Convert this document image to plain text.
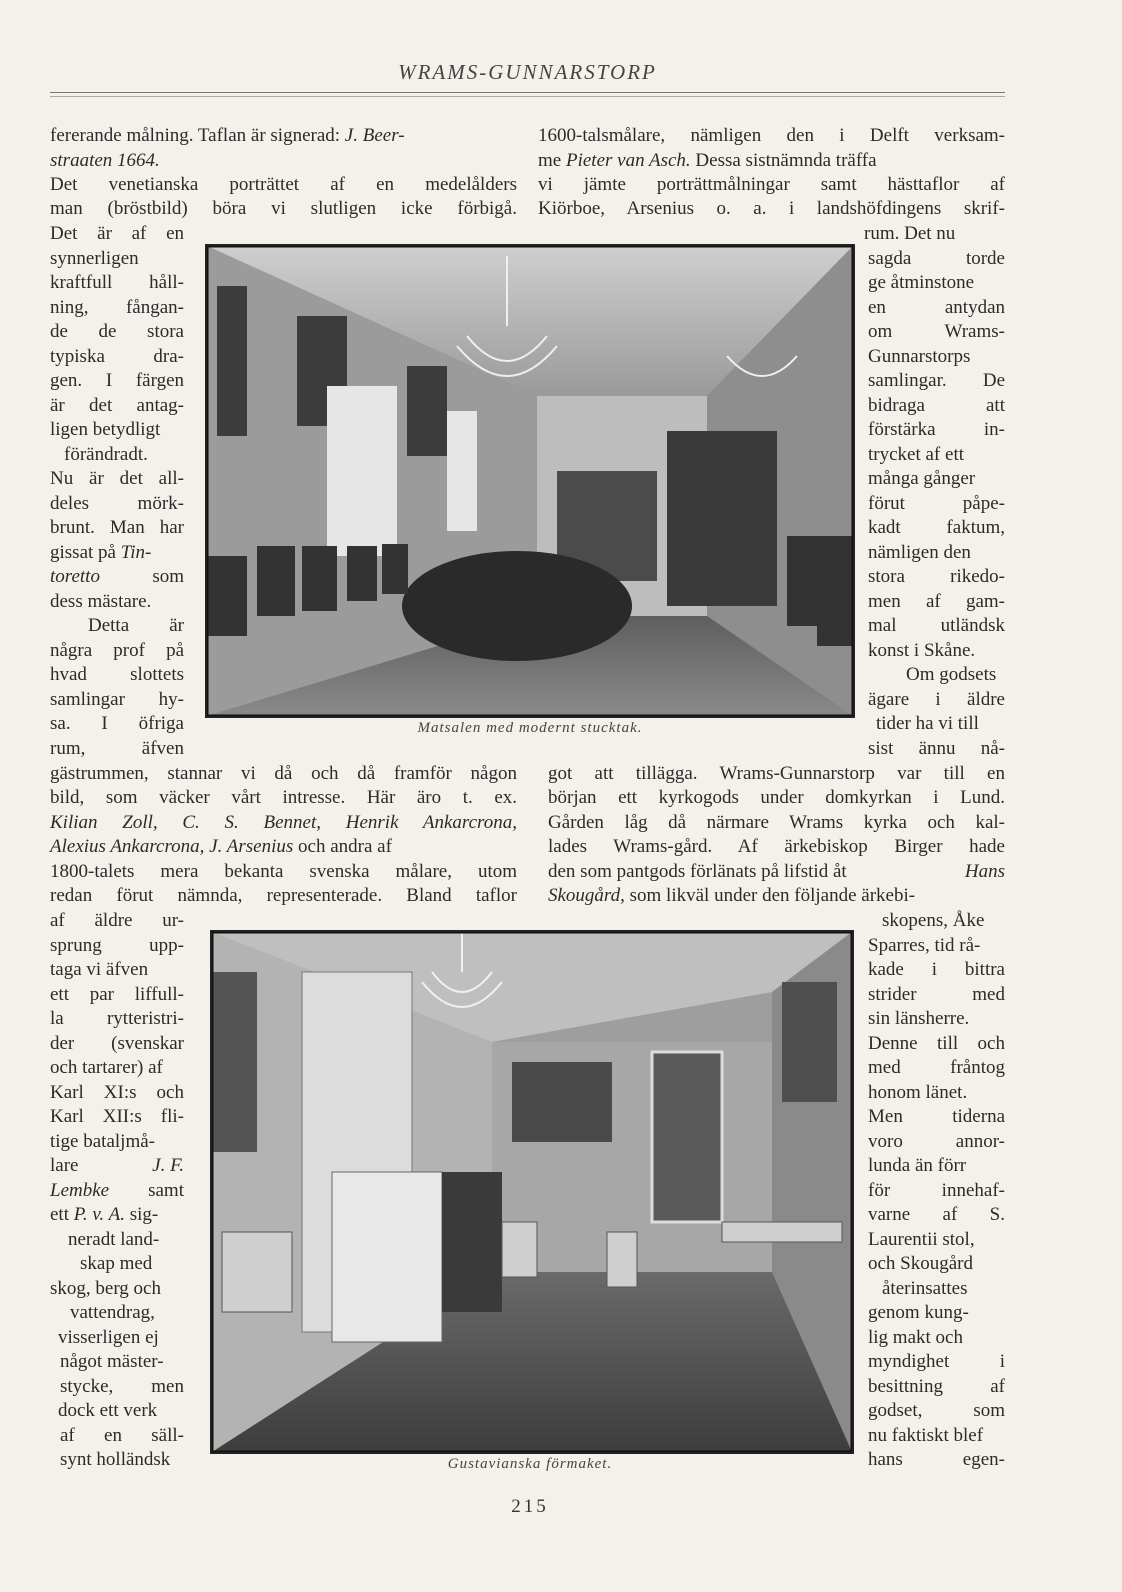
WRAMS-GUNNARSTORP
fererande målning. Taflan är signerad: J. Beer-
straaten 1664.
Det venetianska porträttet af en medelålders
man (bröstbild) böra vi slutligen icke förbigå.
1600-talsmålare, nämligen den i Delft verksam-
me Pieter van Asch. Dessa sistnämnda träffa
vi jämte porträttmålningar samt hästtaflor af
Kiörboe, Arsenius o. a. i landshöfdingens skrif-
Det är af en
synnerligen
kraftfull håll-
ning, fångan-
de de stora
typiska dra-
gen. I färgen
är det antag-
ligen betydligt
förändradt.
Nu är det all-
deles mörk-
brunt. Man har
gissat på Tin-
toretto	som
dess mästare.
Detta är
några prof på
hvad slottets
samlingar hy-
sa. I öfriga
rum, äfven
Matsalen med modernt stucktak.
rum. Det nu
sagda torde
ge åtminstone
en antydan
om Wrams-
Gunnarstorps
samlingar. De
bidraga att
förstärka in-
trycket af ett
många gånger
förut påpe-
kadt faktum,
nämligen den
stora rikedo-
men af gam-
mal utländsk
konst i Skåne.
Om godsets
ägare i äldre
tider ha vi till
sist ännu nå-
gästrummen, stannar vi då och då framför någon
bild, som väcker vårt intresse. Här äro t. ex.
Kilian Zoll, C. S. Bennet, Henrik Ankarcrona,
Alexius Ankarcrona, J. Arsenius och andra af
1800-talets mera bekanta svenska målare, utom
redan förut nämnda, representerade. Bland taflor
got att tillägga. Wrams-Gunnarstorp var till en
början ett kyrkogods under domkyrkan i Lund.
Gården låg då närmare Wrams kyrka och kal-
lades Wrams-gård. Af ärkebiskop Birger hade
den som pantgods förlänats på lifstid åt	Hans
Skougård, som likväl under den följande ärkebi-
af äldre ur-
sprung upp-
taga vi äfven
ett par liffull-
la rytteristri-
der (svenskar
och tartarer) af
Karl XI:s och
Karl XII:s fli-
tige bataljmå-
lare	J. F.
Lembke samt
ett P. v. A. sig-
neradt land-
skap med
skog, berg och
vattendrag,
visserligen ej
något mäster-
stycke, men
dock ett verk
af en säll-
synt holländsk	Gustavianska förmaket.
skopens, Åke
Sparres, tid rå-
kade i bittra
strider med
sin länsherre.
Denne till och
med fråntog
honom länet.
Men tiderna
voro annor-
lunda än förr
för innehaf-
varne af S.
Laurentii stol,
och Skougård
återinsattes
genom kung-
lig makt och
myndighet i
besittning af
godset, som
nu faktiskt blef
hans egen-
215
